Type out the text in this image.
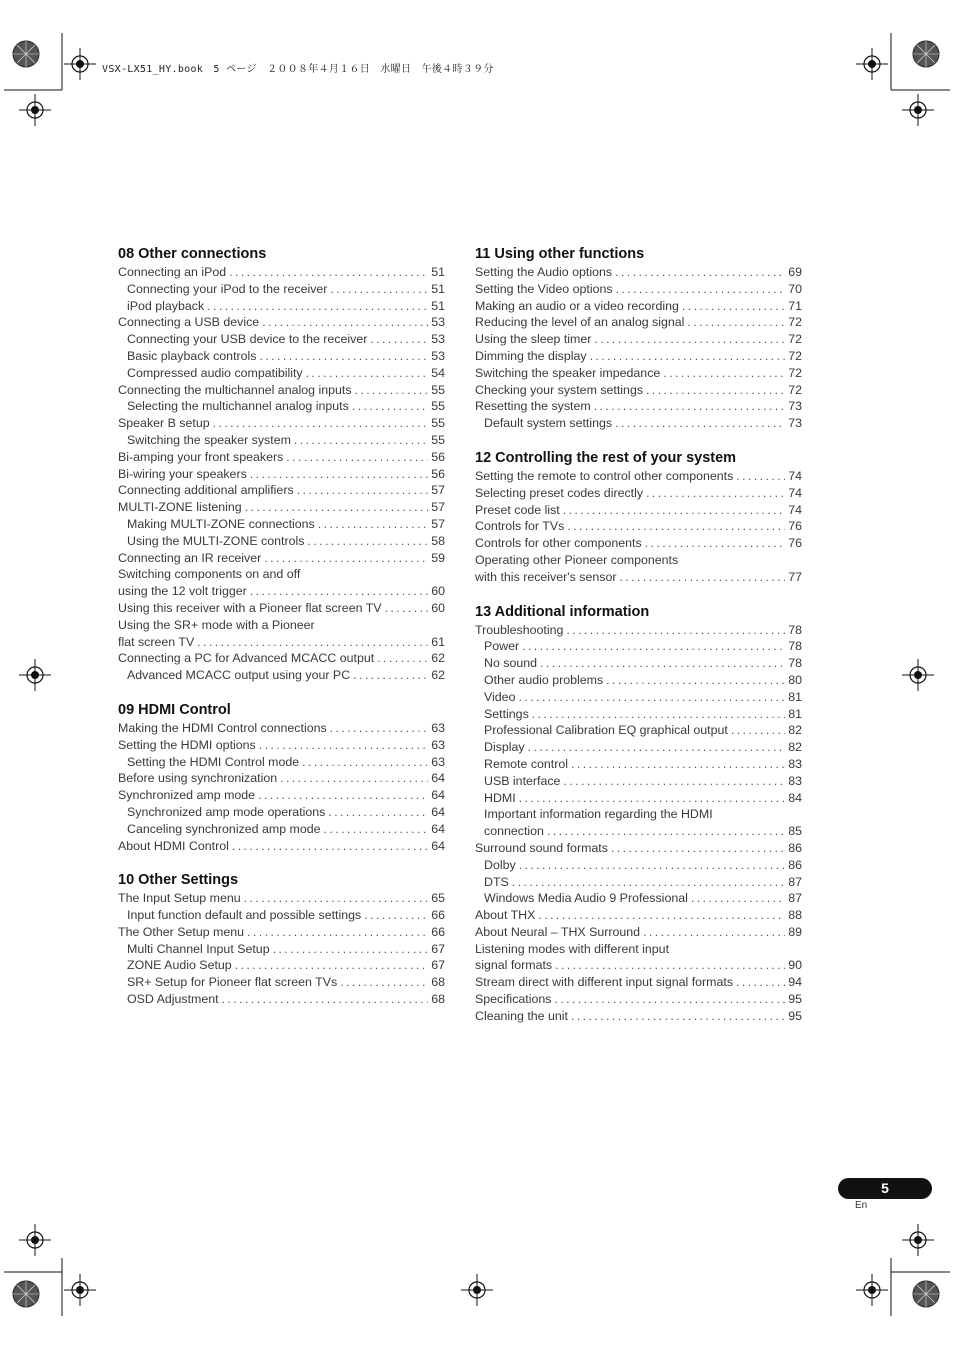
VSX-LX51_HY.book　5 ページ　２００８年４月１６日　水曜日　午後４時３９分
08 Other connections
Connecting an iPod .....	51
Connecting your iPod to the receiver .....	51
iPod playback .....	51
Connecting a USB device .....	53
Connecting your USB device to the receiver .....	53
Basic playback controls .....	53
Compressed audio compatibility .....	54
Connecting the multichannel analog inputs .....	55
Selecting the multichannel analog inputs .....	55
Speaker B setup .....	55
Switching the speaker system .....	55
Bi-amping your front speakers .....	56
Bi-wiring your speakers .....	56
Connecting additional amplifiers .....	57
MULTI-ZONE listening .....	57
Making MULTI-ZONE connections .....	57
Using the MULTI-ZONE controls .....	58
Connecting an IR receiver .....	59
Switching components on and off
using the 12 volt trigger .....	60
Using this receiver with a Pioneer flat screen TV .....	60
Using the SR+ mode with a Pioneer
flat screen TV .....	61
Connecting a PC for Advanced MCACC output .....	62
Advanced MCACC output using your PC .....	62
09 HDMI Control
Making the HDMI Control connections .....	63
Setting the HDMI options .....	63
Setting the HDMI Control mode .....	63
Before using synchronization .....	64
Synchronized amp mode .....	64
Synchronized amp mode operations .....	64
Canceling synchronized amp mode .....	64
About HDMI Control .....	64
10 Other Settings
The Input Setup menu .....	65
Input function default and possible settings .....	66
The Other Setup menu .....	66
Multi Channel Input Setup .....	67
ZONE Audio Setup .....	67
SR+ Setup for Pioneer flat screen TVs .....	68
OSD Adjustment .....	68
11 Using other functions
Setting the Audio options .....	69
Setting the Video options .....	70
Making an audio or a video recording .....	71
Reducing the level of an analog signal .....	72
Using the sleep timer .....	72
Dimming the display .....	72
Switching the speaker impedance .....	72
Checking your system settings .....	72
Resetting the system .....	73
Default system settings .....	73
12 Controlling the rest of your system
Setting the remote to control other components .....	74
Selecting preset codes directly .....	74
Preset code list .....	74
Controls for TVs .....	76
Controls for other components .....	76
Operating other Pioneer components
with this receiver's sensor .....	77
13 Additional information
Troubleshooting .....	78
Power .....	78
No sound .....	78
Other audio problems .....	80
Video .....	81
Settings .....	81
Professional Calibration EQ graphical output .....	82
Display .....	82
Remote control .....	83
USB interface .....	83
HDMI .....	84
Important information regarding the HDMI
connection .....	85
Surround sound formats .....	86
Dolby .....	86
DTS .....	87
Windows Media Audio 9 Professional .....	87
About THX .....	88
About Neural – THX Surround .....	89
Listening modes with different input
signal formats .....	90
Stream direct with different input signal formats .....	94
Specifications .....	95
Cleaning the unit .....	95
5
En
